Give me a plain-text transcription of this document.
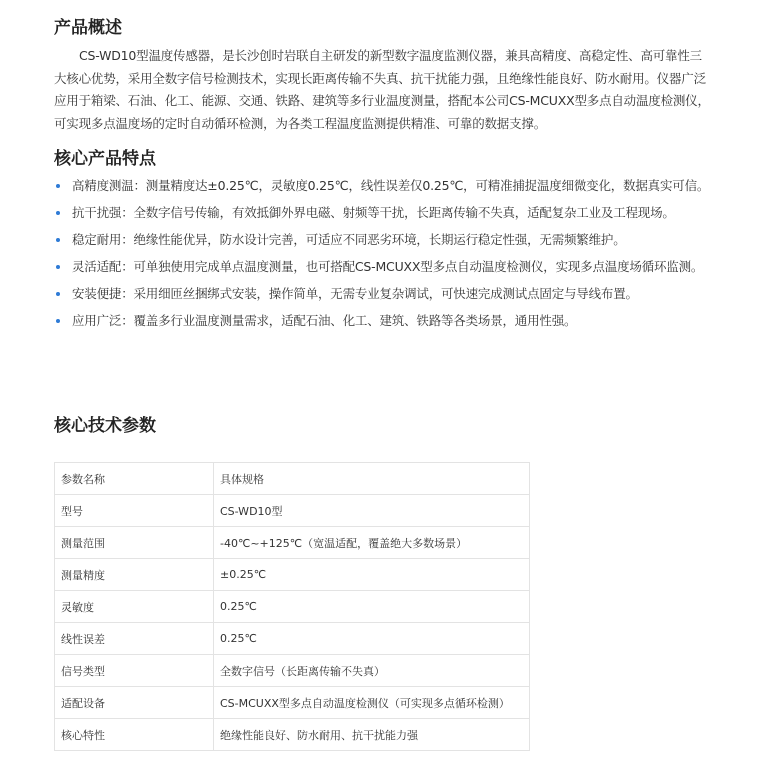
产品概述

CS-WD10型温度传感器，是长沙创时岩联自主研发的新型数字温度监测仪器，兼具高精度、高稳定性、高可靠性三大核心优势，采用全数字信号检测技术，实现长距离传输不失真、抗干扰能力强，且绝缘性能良好、防水耐用。仪器广泛应用于箱梁、石油、化工、能源、交通、铁路、建筑等多行业温度测量，搭配本公司CS-MCUXX型多点自动温度检测仪，可实现多点温度场的定时自动循环检测，为各类工程温度监测提供精准、可靠的数据支撑。

核心产品特点
高精度测温：测量精度达±0.25℃，灵敏度0.25℃，线性误差仅0.25℃，可精准捕捉温度细微变化，数据真实可信。
抗干扰强：全数字信号传输，有效抵御外界电磁、射频等干扰，长距离传输不失真，适配复杂工业及工程现场。
稳定耐用：绝缘性能优异，防水设计完善，可适应不同恶劣环境，长期运行稳定性强，无需频繁维护。
灵活适配：可单独使用完成单点温度测量，也可搭配CS-MCUXX型多点自动温度检测仪，实现多点温度场循环监测。
安装便捷：采用细匝丝捆绑式安装，操作简单，无需专业复杂调试，可快速完成测试点固定与导线布置。
应用广泛：覆盖多行业温度测量需求，适配石油、化工、建筑、铁路等各类场景，通用性强。
核心技术参数
参数名称	具体规格
型号	CS-WD10型
测量范围	-40℃~+125℃（宽温适配，覆盖绝大多数场景）
测量精度	±0.25℃
灵敏度	0.25℃
线性误差	0.25℃
信号类型	全数字信号（长距离传输不失真）
适配设备	CS-MCUXX型多点自动温度检测仪（可实现多点循环检测）
核心特性	绝缘性能良好、防水耐用、抗干扰能力强
